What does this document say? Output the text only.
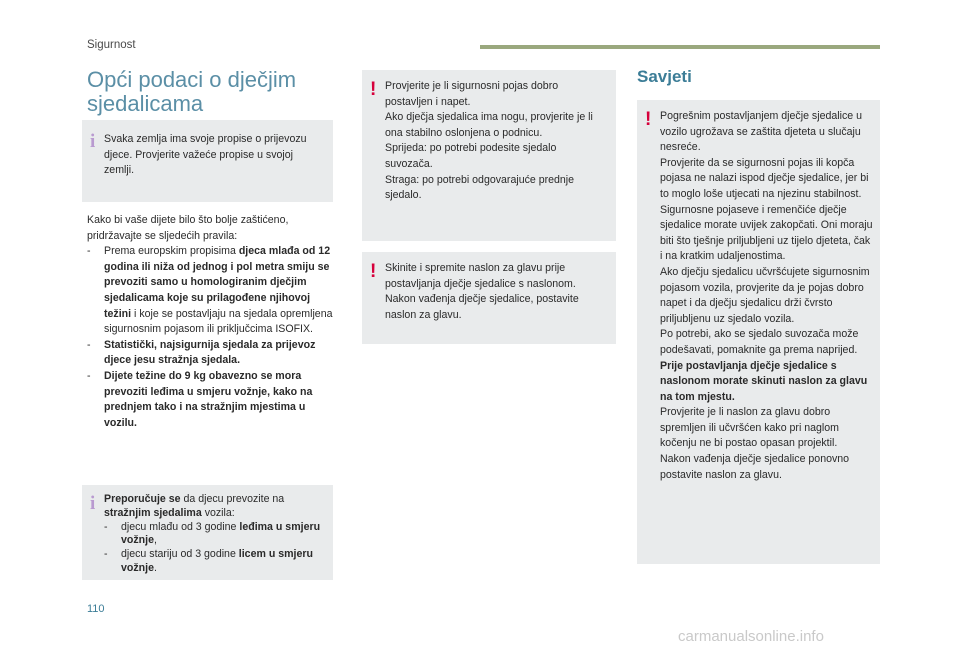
Sigurnost
Opći podaci o dječjim sjedalicama
i Svaka zemlja ima svoje propise o prijevozu djece. Provjerite važeće propise u svojoj zemlji.

Kako bi vaše dijete bilo što bolje zaštićeno, pridržavajte se sljedećih pravila:

-	Prema europskim propisima djeca mlađa od 12 godina ili niža od jednog i pol metra smiju se prevoziti samo u homologiranim dječjim sjedalicama koje su prilagođene njihovoj težini i koje se postavljaju na sjedala opremljena sigurnosnim pojasom ili priključcima ISOFIX.
-	Statistički, najsigurnija sjedala za prijevoz djece jesu stražnja sjedala.
-	Dijete težine do 9 kg obavezno se mora prevoziti leđima u smjeru vožnje, kako na prednjem tako i na stražnjim mjestima u vozilu.
i Preporučuje se da djecu prevozite na stražnjim sjedalima vozila:

-	djecu mlađu od 3 godine leđima u smjeru vožnje,
-	djecu stariju od 3 godine licem u smjeru vožnje.
! Provjerite je li sigurnosni pojas dobro postavljen i napet.

Ako dječja sjedalica ima nogu, provjerite je li ona stabilno oslonjena o podnicu.

Sprijeda: po potrebi podesite sjedalo suvozača.

Straga: po potrebi odgovarajuće prednje sjedalo.

! Skinite i spremite naslon za glavu prije postavljanja dječje sjedalice s naslonom. Nakon vađenja dječje sjedalice, postavite naslon za glavu.
Savjeti
! Pogrešnim postavljanjem dječje sjedalice u vozilo ugrožava se zaštita djeteta u slučaju nesreće.

Provjerite da se sigurnosni pojas ili kopča pojasa ne nalazi ispod dječje sjedalice, jer bi to moglo loše utjecati na njezinu stabilnost.

Sigurnosne pojaseve i remenčiće dječje sjedalice morate uvijek zakopčati. Oni moraju biti što tješnje priljubljeni uz tijelo djeteta, čak i na kratkim udaljenostima.

Ako dječju sjedalicu učvršćujete sigurnosnim pojasom vozila, provjerite da je pojas dobro napet i da dječju sjedalicu drži čvrsto priljubljenu uz sjedalo vozila.

Po potrebi, ako se sjedalo suvozača može podešavati, pomaknite ga prema naprijed.

Prije postavljanja dječje sjedalice s naslonom morate skinuti naslon za glavu na tom mjestu.

Provjerite je li naslon za glavu dobro spremljen ili učvršćen kako pri naglom kočenju ne bi postao opasan projektil.

Nakon vađenja dječje sjedalice ponovno postavite naslon za glavu.

110
carmanualsonline.info
